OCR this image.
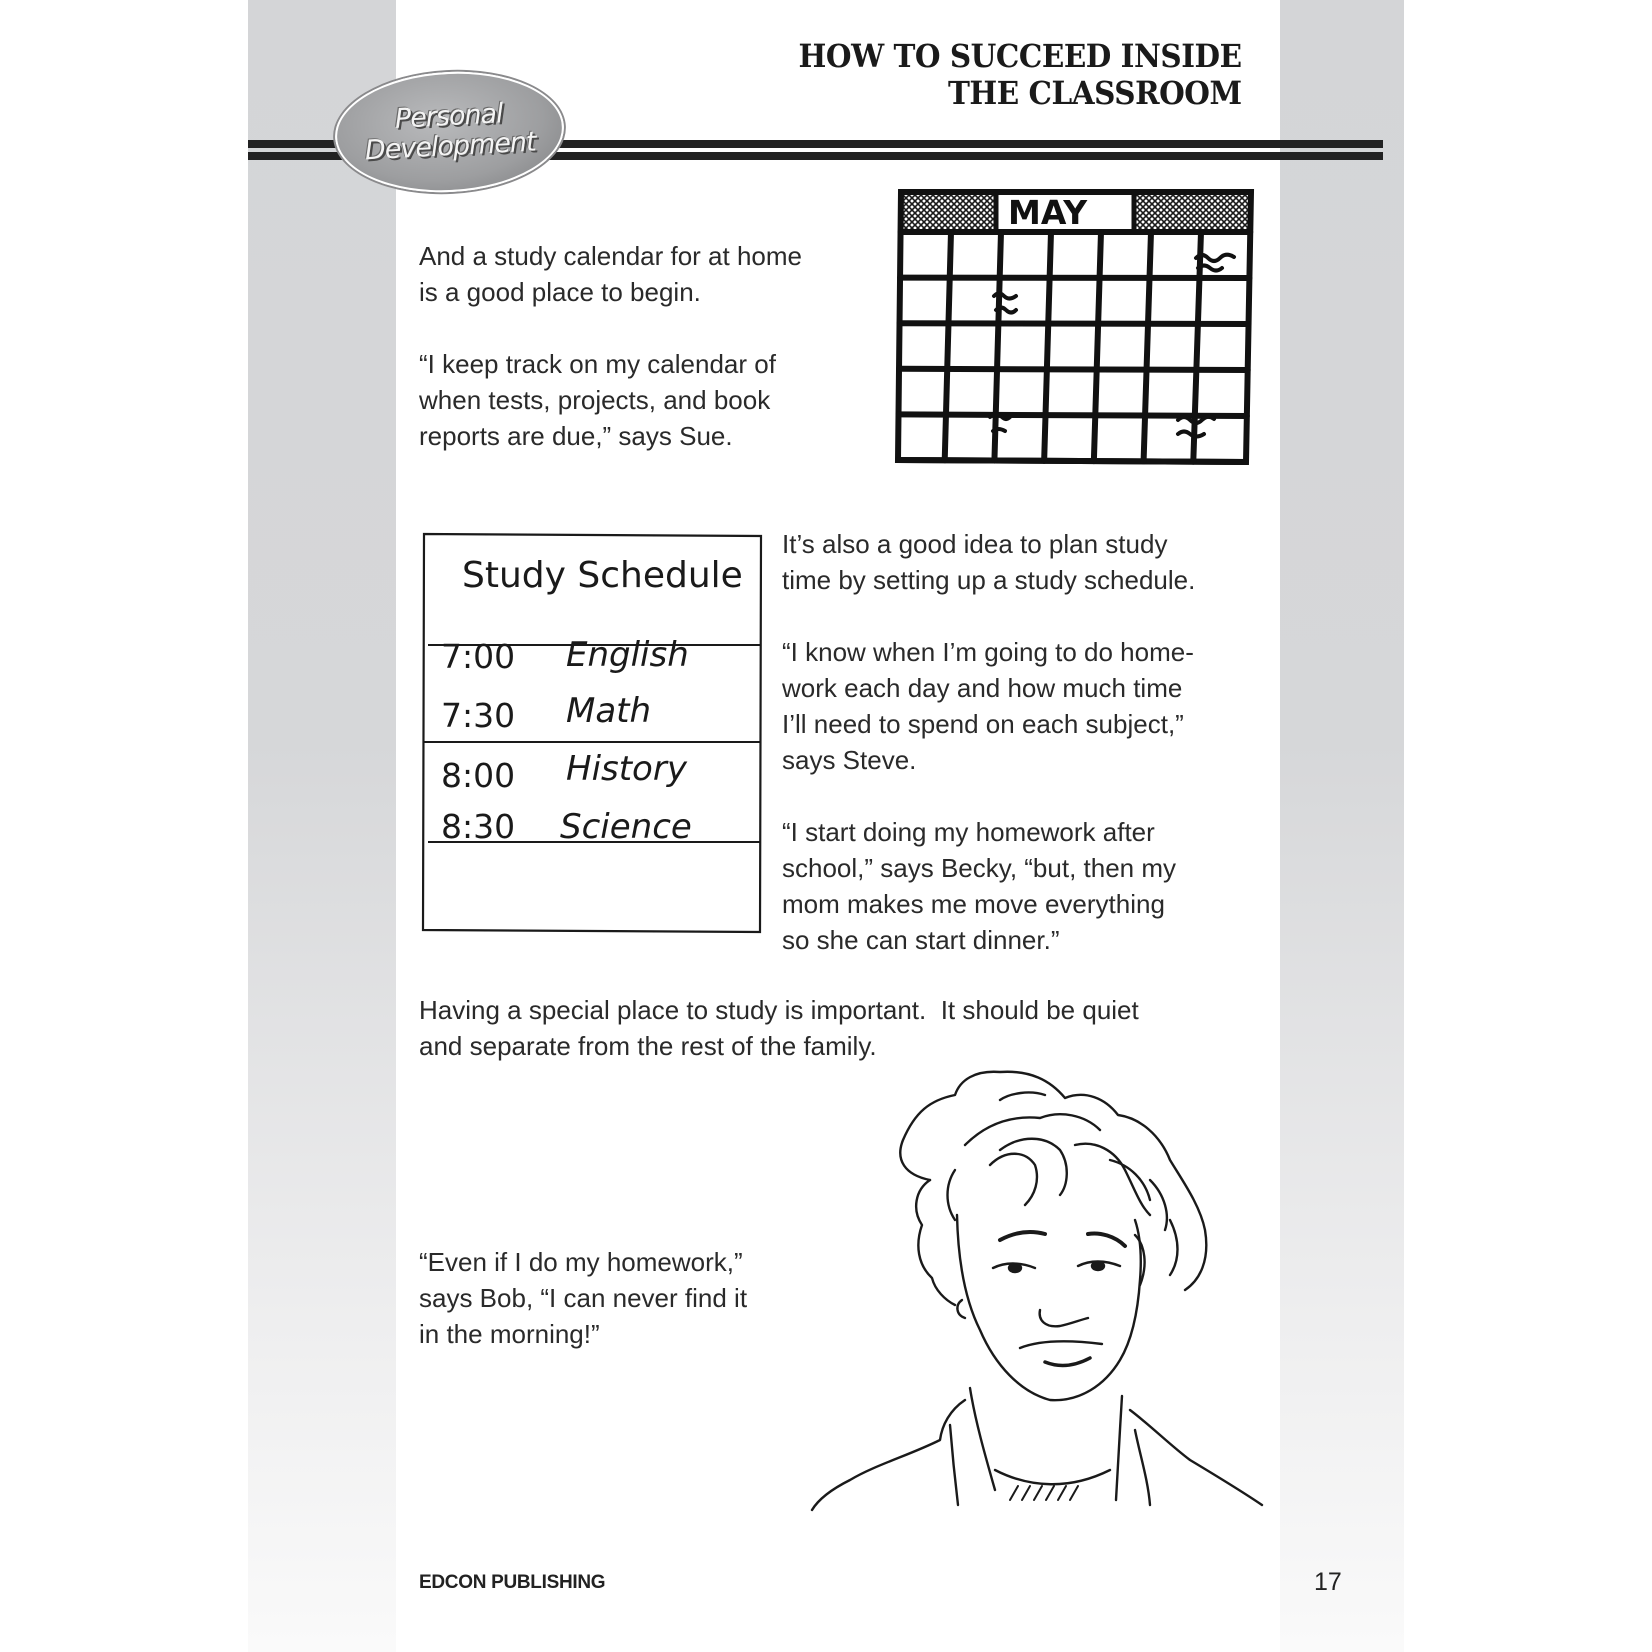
Personal
Development
HOW TO SUCCEED INSIDE
THE CLASSROOM
MAY
Study Schedule
7:00 English
7:30 Math
8:00 History
8:30 Science

And a study calendar for at home
is a good place to begin.

“I keep track on my calendar of
when tests, projects, and book
reports are due,” says Sue.

It’s also a good idea to plan study
time by setting up a study schedule.

“I know when I’m going to do home-
work each day and how much time
I’ll need to spend on each subject,”
says Steve.

“I start doing my homework after
school,” says Becky, “but, then my
mom makes me move everything
so she can start dinner.”

Having a special place to study is important.  It should be quiet
and separate from the rest of the family.

“Even if I do my homework,”
says Bob, “I can never find it
in the morning!”

EDCON PUBLISHING	17
